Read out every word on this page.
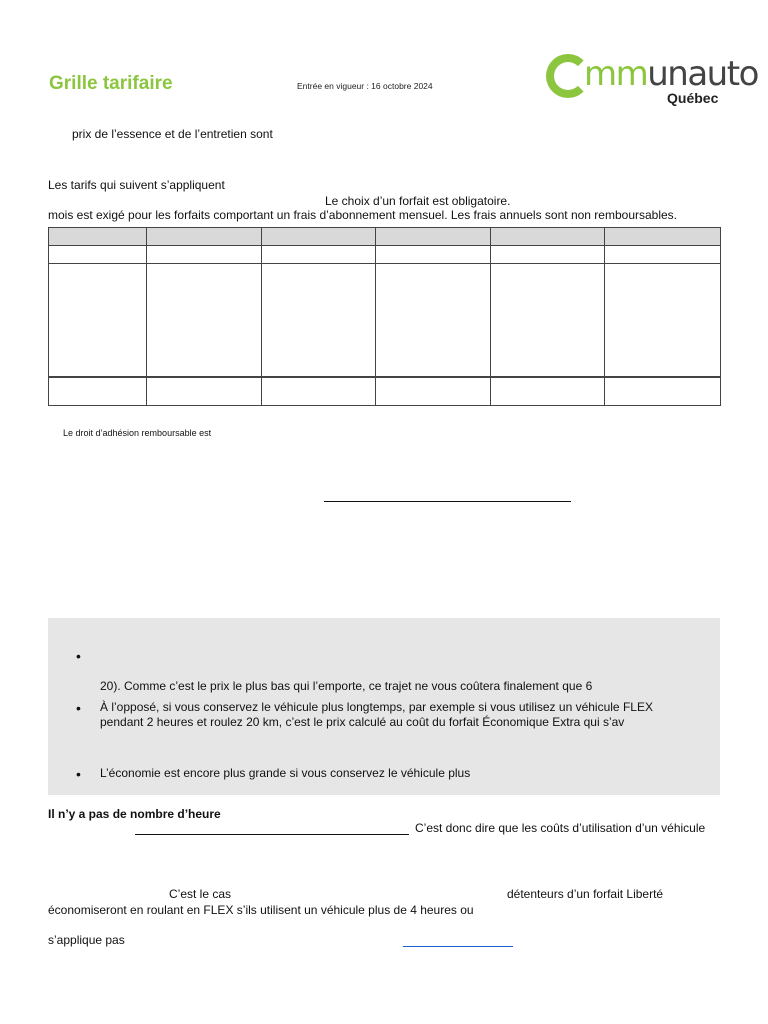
Grille tarifaire	Entrée en vigueur : 16 octobre 2024	mmunauto
Québec
prix de l’essence et de l’entretien sont
Les tarifs qui suivent s’appliquent
Le choix d’un forfait est obligatoire.
mois est exigé pour les forfaits comportant un frais d’abonnement mensuel. Les frais annuels sont non remboursables.

Le droit d’adhésion remboursable est
•
20). Comme c’est le prix le plus bas qui l’emporte, ce trajet ne vous coûtera finalement que 6
• À l’opposé, si vous conservez le véhicule plus longtemps, par exemple si vous utilisez un véhicule FLEX
pendant 2 heures et roulez 20 km, c’est le prix calculé au coût du forfait Économique Extra qui s’av
• L’économie est encore plus grande si vous conservez le véhicule plus
Il n’y a pas de nombre d’heure
C’est donc dire que les coûts d’utilisation d’un véhicule
C’est le cas	détenteurs d’un forfait Liberté
économiseront en roulant en FLEX s’ils utilisent un véhicule plus de 4 heures ou
s’applique pas
